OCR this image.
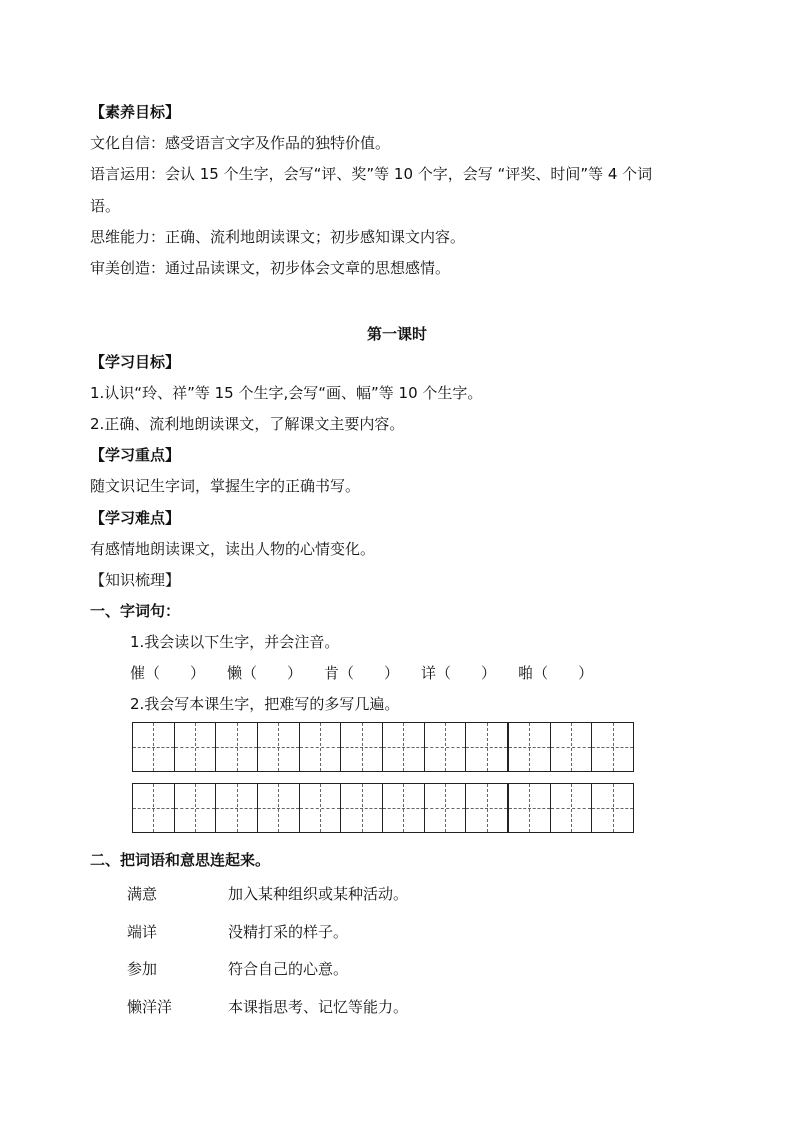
【素养目标】
文化自信：感受语言文字及作品的独特价值。
语言运用：会认 15 个生字，会写“评、奖”等 10 个字，会写 “评奖、时间”等 4 个词
语。
思维能力：正确、流利地朗读课文；初步感知课文内容。
审美创造：通过品读课文，初步体会文章的思想感情。
第一课时
【学习目标】
1.认识“玲、祥”等 15 个生字,会写“画、幅”等 10 个生字。
2.正确、流利地朗读课文，了解课文主要内容。
【学习重点】
随文识记生字词，掌握生字的正确书写。
【学习难点】
有感情地朗读课文，读出人物的心情变化。
【知识梳理】
一、字词句：
1.我会读以下生字，并会注音。
催（　　） 懒（　　） 肯（　　） 详（　　） 啪（　　）
2.我会写本课生字，把难写的多写几遍。
二、把词语和意思连起来。
满意	加入某种组织或某种活动。
端详	没精打采的样子。
参加	符合自己的心意。
懒洋洋	本课指思考、记忆等能力。
